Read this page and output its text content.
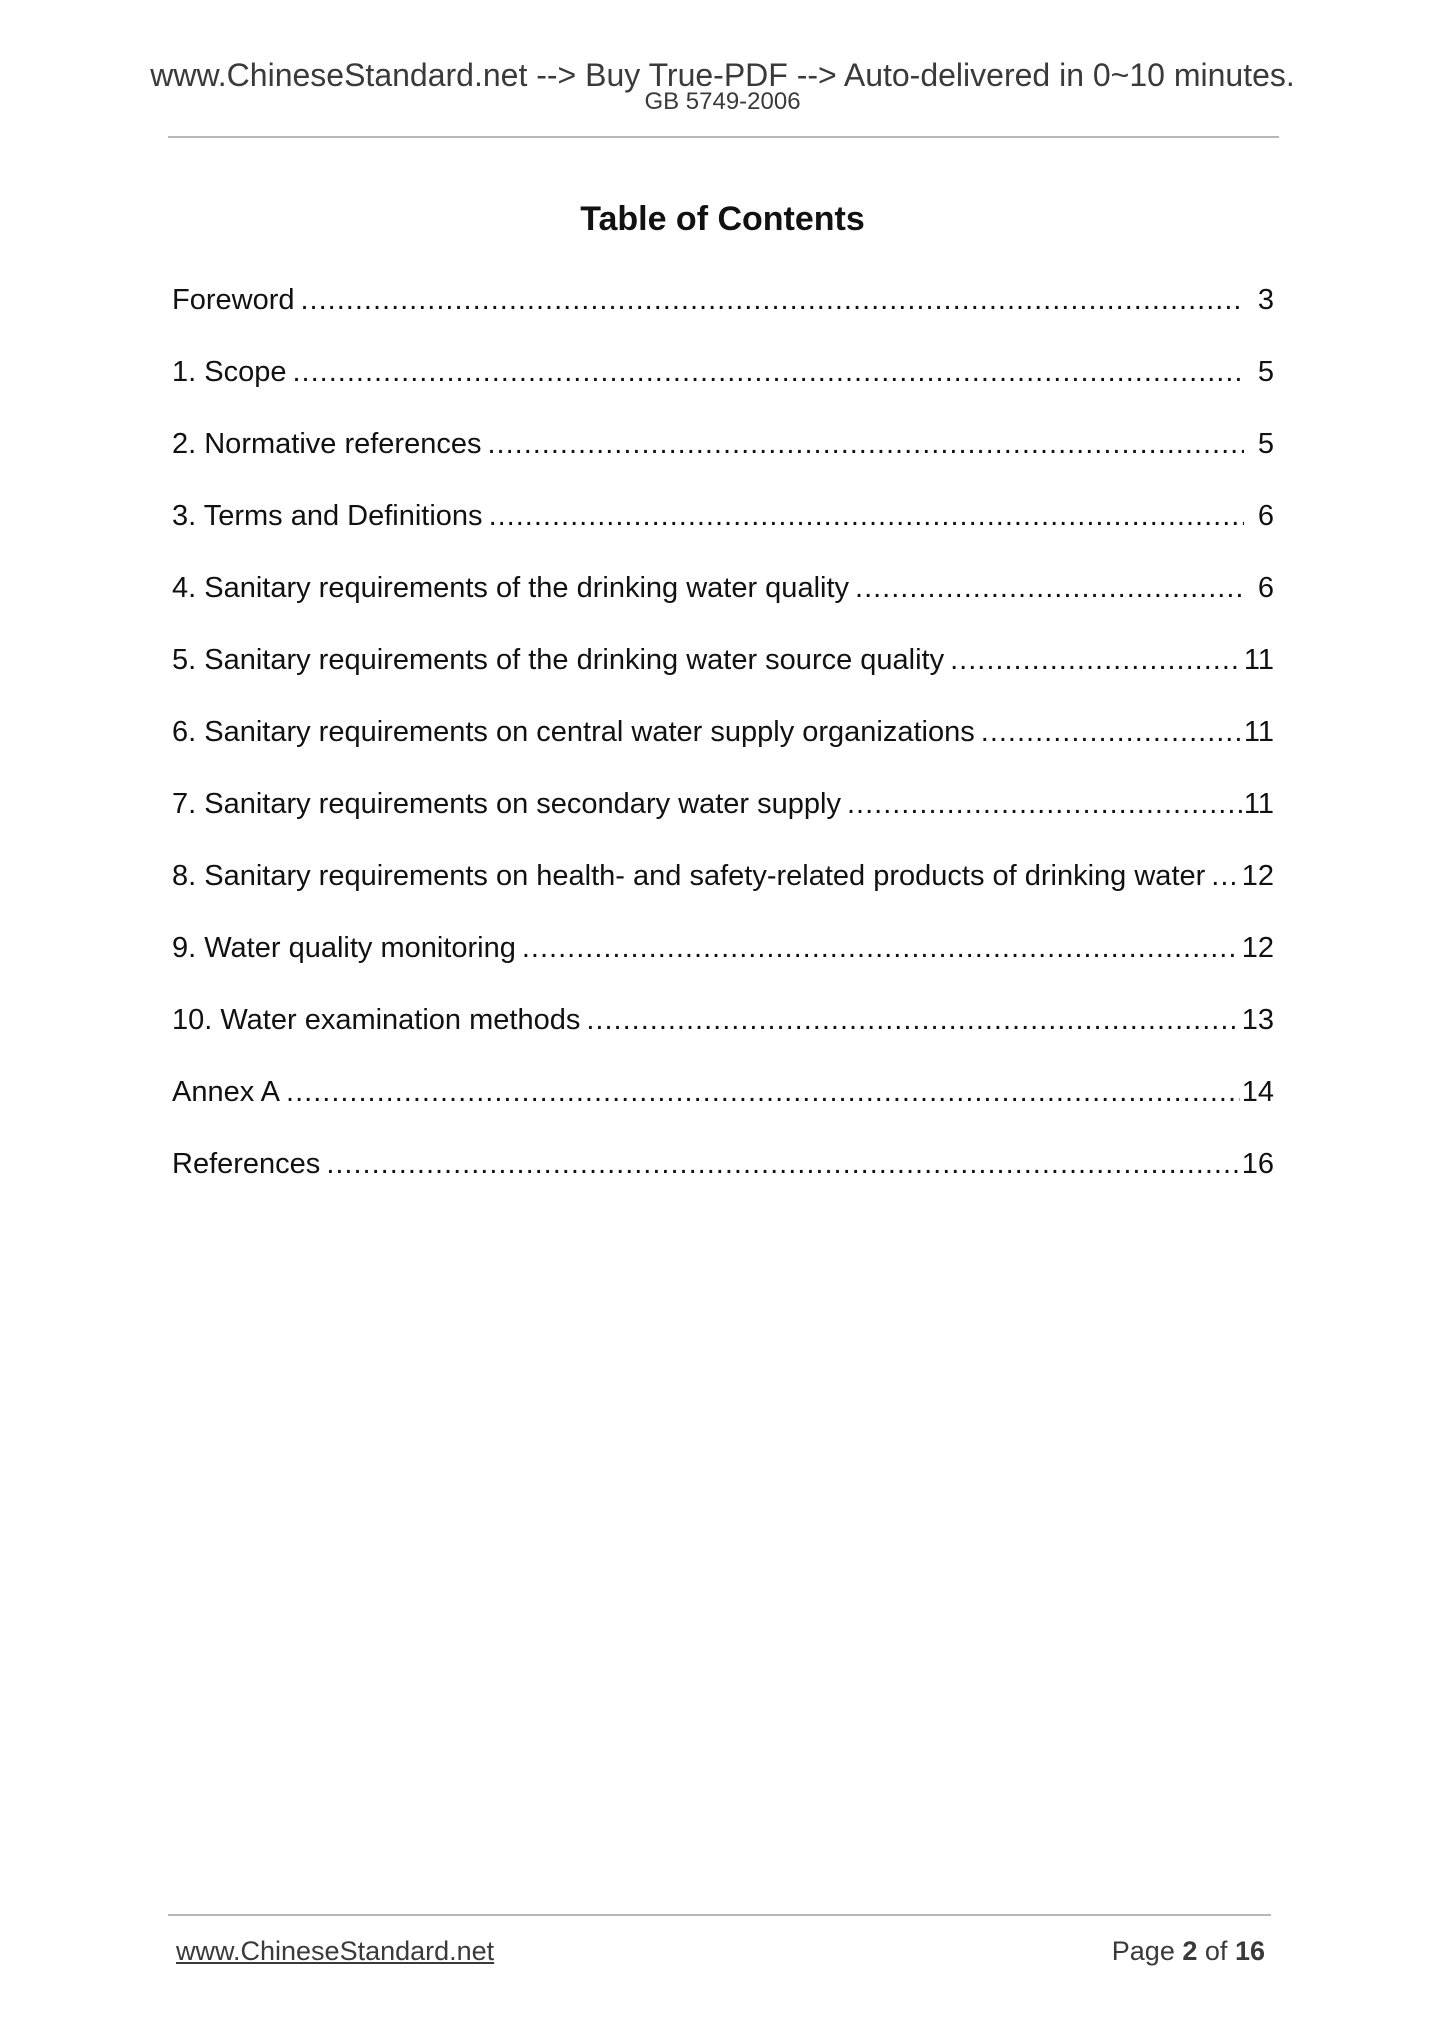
www.ChineseStandard.net --> Buy True-PDF --> Auto-delivered in 0~10 minutes.
GB 5749-2006
Table of Contents
Foreword .....	3
1. Scope .....	5
2. Normative references .....	5
3. Terms and Definitions .....	6
4. Sanitary requirements of the drinking water quality .....	6
5. Sanitary requirements of the drinking water source quality .....	11
6. Sanitary requirements on central water supply organizations .....	11
7. Sanitary requirements on secondary water supply .....	11
8. Sanitary requirements on health- and safety-related products of drinking water ..... 12
9. Water quality monitoring .....	12
10. Water examination methods .....	13
Annex A .....	14
References .....	16
www.ChineseStandard.net	Page 2 of 16
